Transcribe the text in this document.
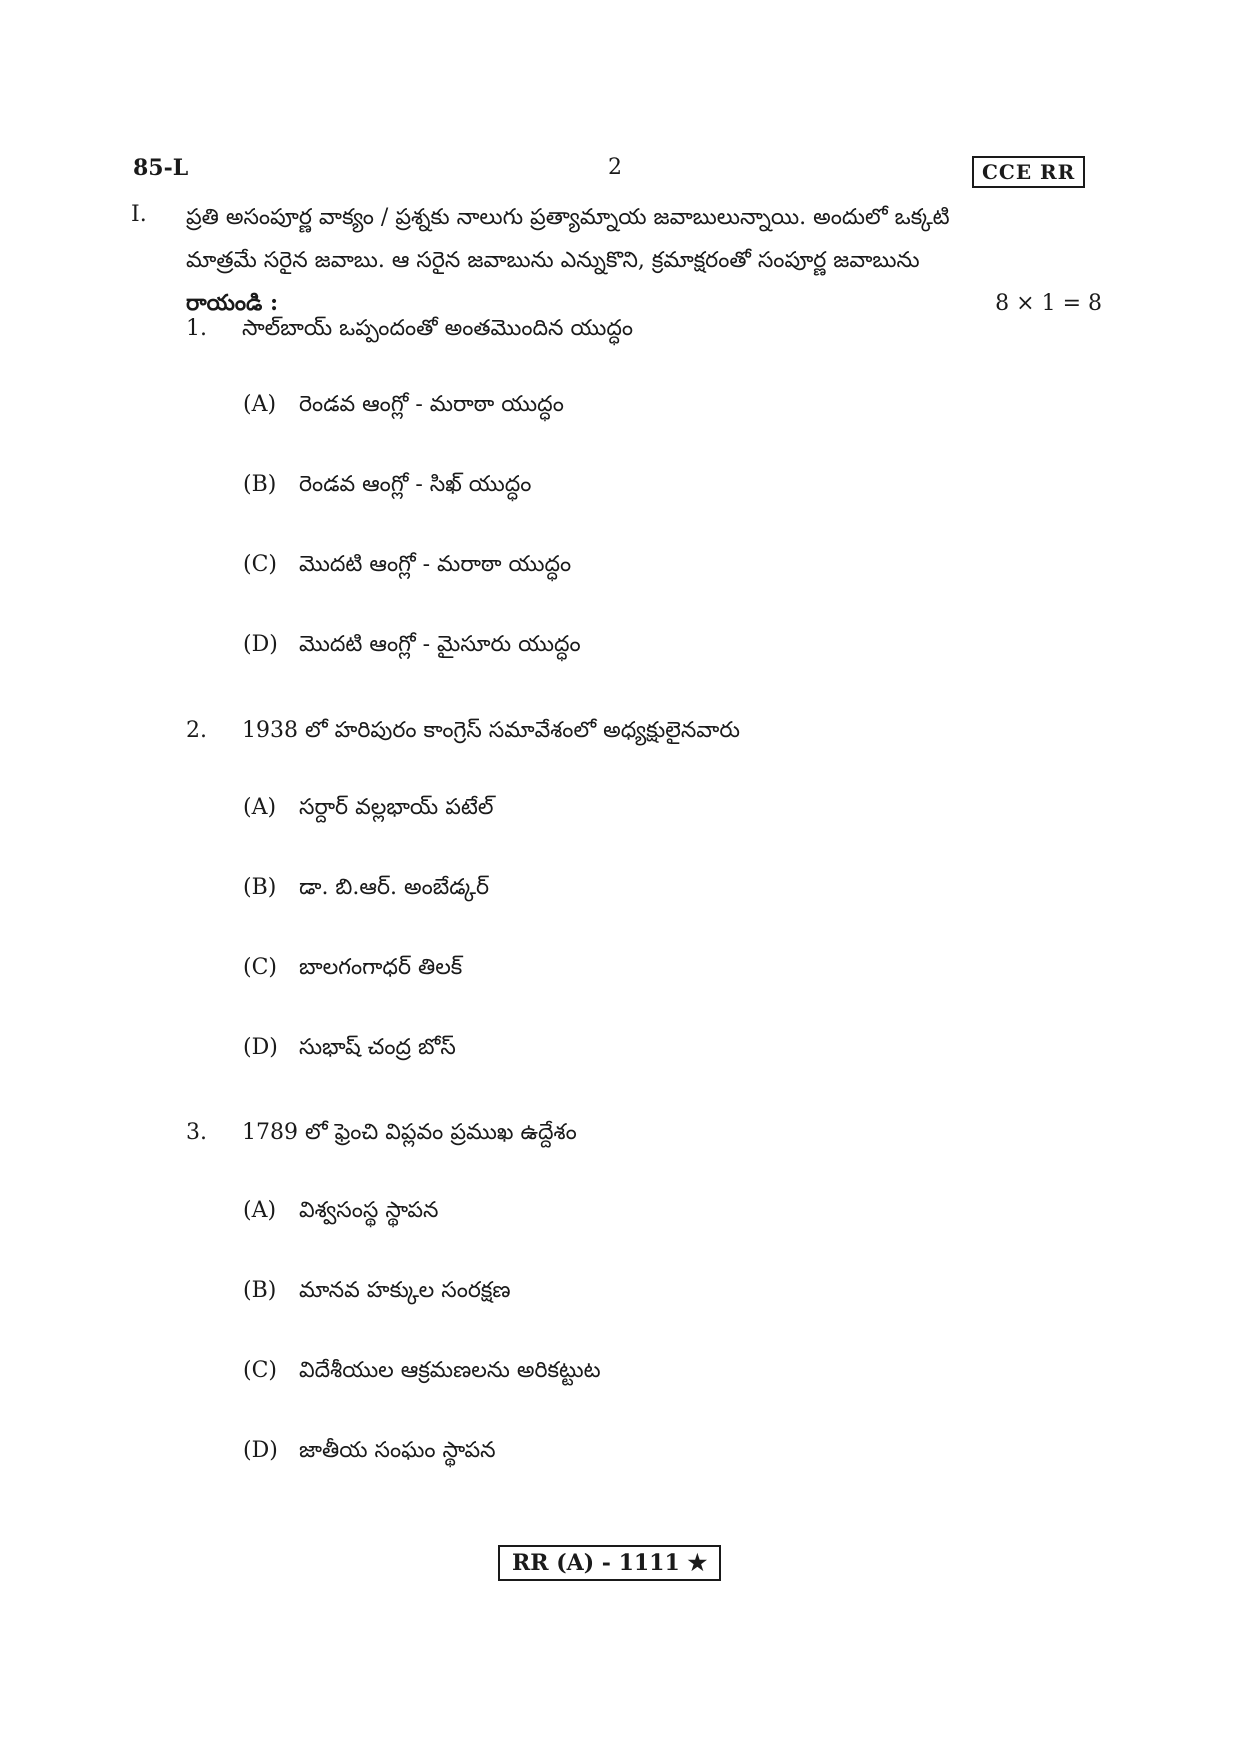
85-L	2	CCE RR
I. ప్రతి అసంపూర్ణ వాక్యం / ప్రశ్నకు నాలుగు ప్రత్యామ్నాయ జవాబులున్నాయి. అందులో ఒక్కటి
మాత్రమే సరైన జవాబు. ఆ సరైన జవాబును ఎన్నుకొని, క్రమాక్షరంతో సంపూర్ణ జవాబును
రాయండి :	8 × 1 = 8
1. సాల్‌బాయ్ ఒప్పందంతో అంతమొందిన యుద్ధం
(A) రెండవ ఆంగ్లో - మరాఠా యుద్ధం
(B) రెండవ ఆంగ్లో - సిఖ్ యుద్ధం
(C) మొదటి ఆంగ్లో - మరాఠా యుద్ధం
(D) మొదటి ఆంగ్లో - మైసూరు యుద్ధం
2. 1938 లో హరిపురం కాంగ్రెస్ సమావేశంలో అధ్యక్షులైనవారు
(A) సర్దార్ వల్లభాయ్ పటేల్
(B) డా. బి.ఆర్. అంబేడ్కర్
(C) బాలగంగాధర్ తిలక్
(D) సుభాష్ చంద్ర బోస్
3. 1789 లో ఫ్రెంచి విప్లవం ప్రముఖ ఉద్దేశం
(A) విశ్వసంస్థ స్థాపన
(B) మానవ హక్కుల సంరక్షణ
(C) విదేశీయుల ఆక్రమణలను అరికట్టుట
(D) జాతీయ సంఘం స్థాపన
RR (A) - 1111 ★
